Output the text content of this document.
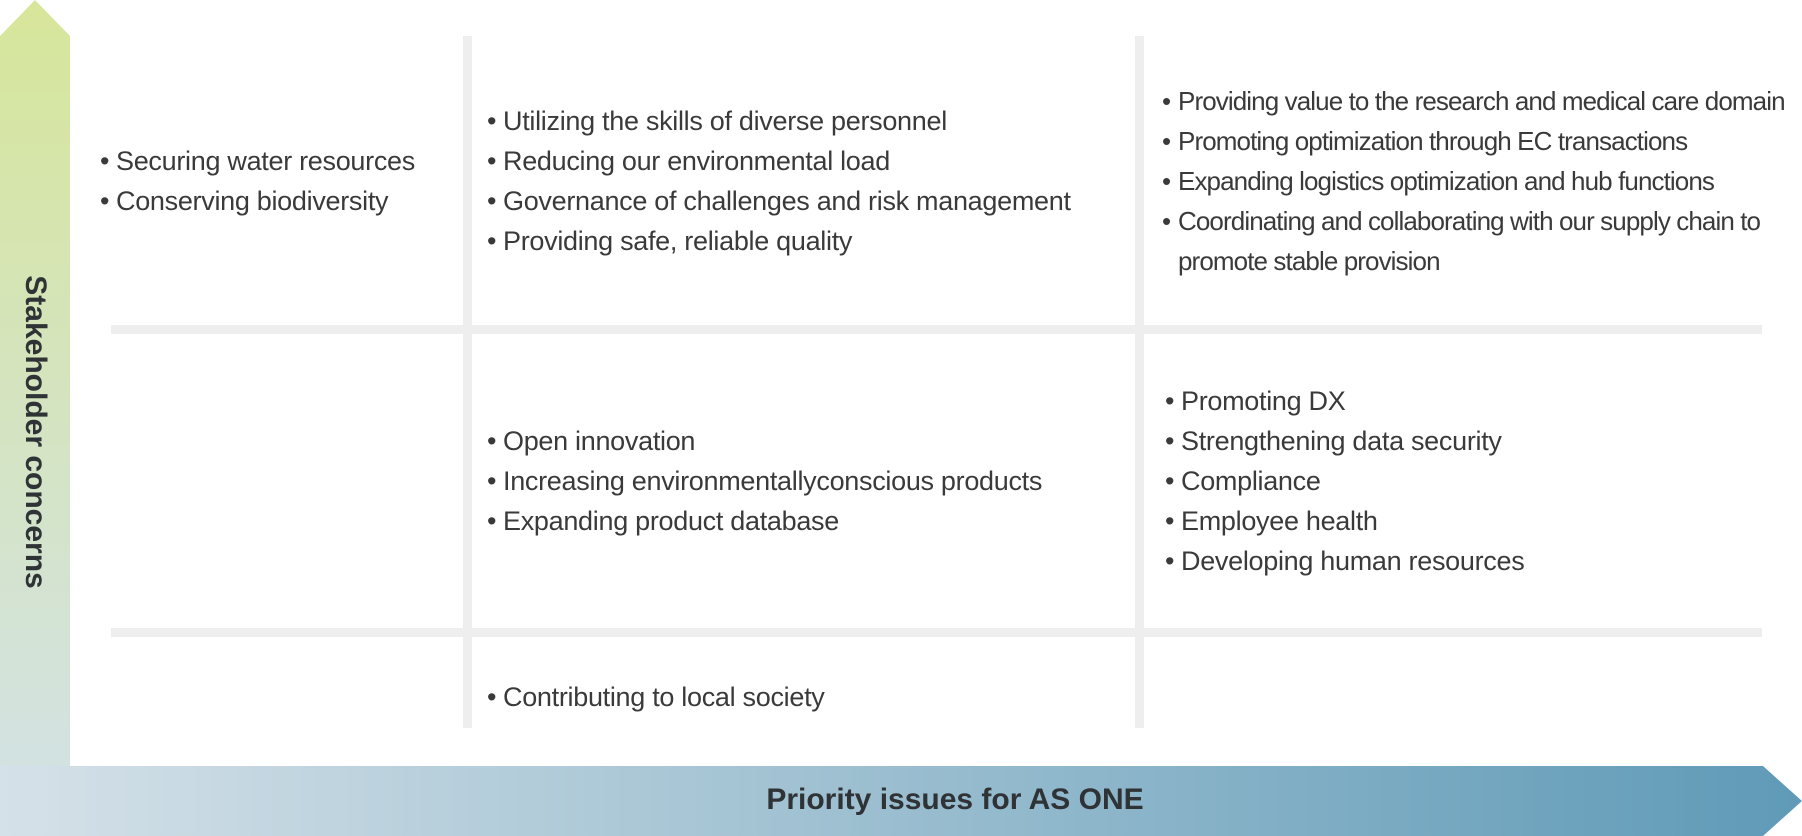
• Securing water resources
• Conserving biodiversity
• Utilizing the skills of diverse personnel
• Reducing our environmental load
• Governance of challenges and risk management
• Providing safe, reliable quality
• Providing value to the research and medical care domain
• Promoting optimization through EC transactions
• Expanding logistics optimization and hub functions
• Coordinating and collaborating with our supply chain to promote stable provision
• Open innovation
• Increasing environmentallyconscious products
• Expanding product database
• Promoting DX
• Strengthening data security
• Compliance
• Employee health
• Developing human resources
• Contributing to local society
Stakeholder concerns
Priority issues for AS ONE
